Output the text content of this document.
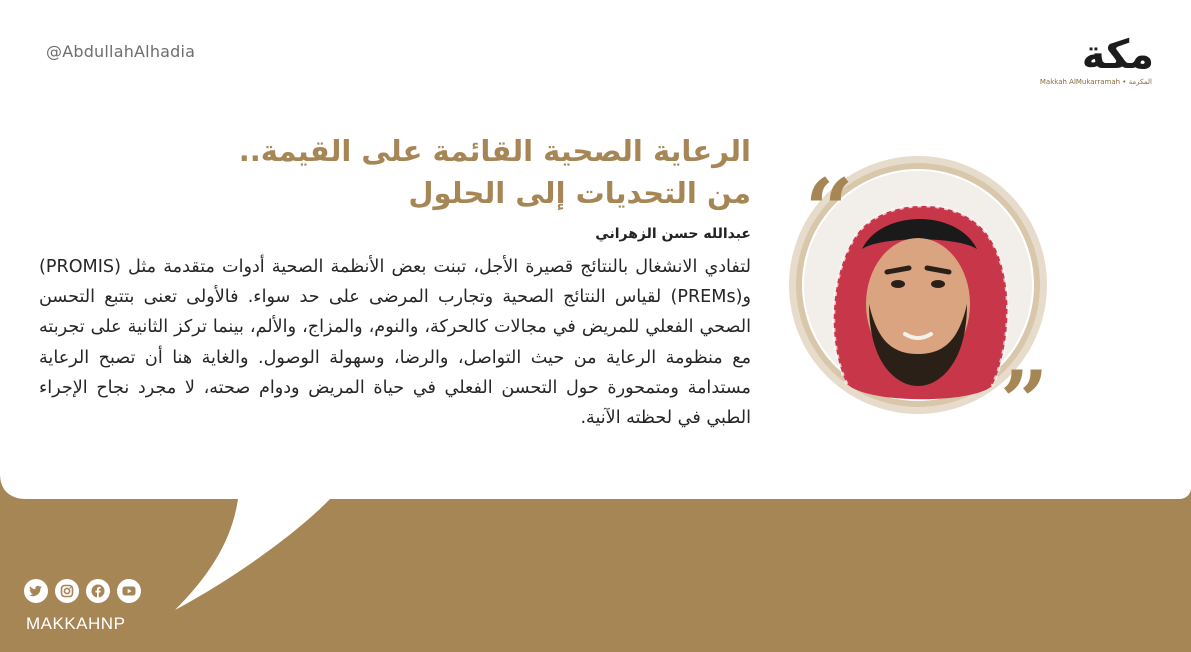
@AbdullahAlhadia	مكة
Makkah AlMukarramah • المكرمة
الرعاية الصحية القائمة على القيمة..
من التحديات إلى الحلول
عبدالله حسن الزهراني
لتفادي الانشغال بالنتائج قصيرة الأجل، تبنت بعض الأنظمة الصحية أدوات متقدمة مثل (PROMIS) و(PREMs) لقياس النتائج الصحية وتجارب المرضى على حد سواء. فالأولى تعنى بتتبع التحسن الصحي الفعلي للمريض في مجالات كالحركة، والنوم، والمزاج، والألم، بينما تركز الثانية على تجربته مع منظومة الرعاية من حيث التواصل، والرضا، وسهولة الوصول. والغاية هنا أن تصبح الرعاية مستدامة ومتمحورة حول التحسن الفعلي في حياة المريض ودوام صحته، لا مجرد نجاح الإجراء الطبي في لحظته الآنية.
“
”
MAKKAHNP
